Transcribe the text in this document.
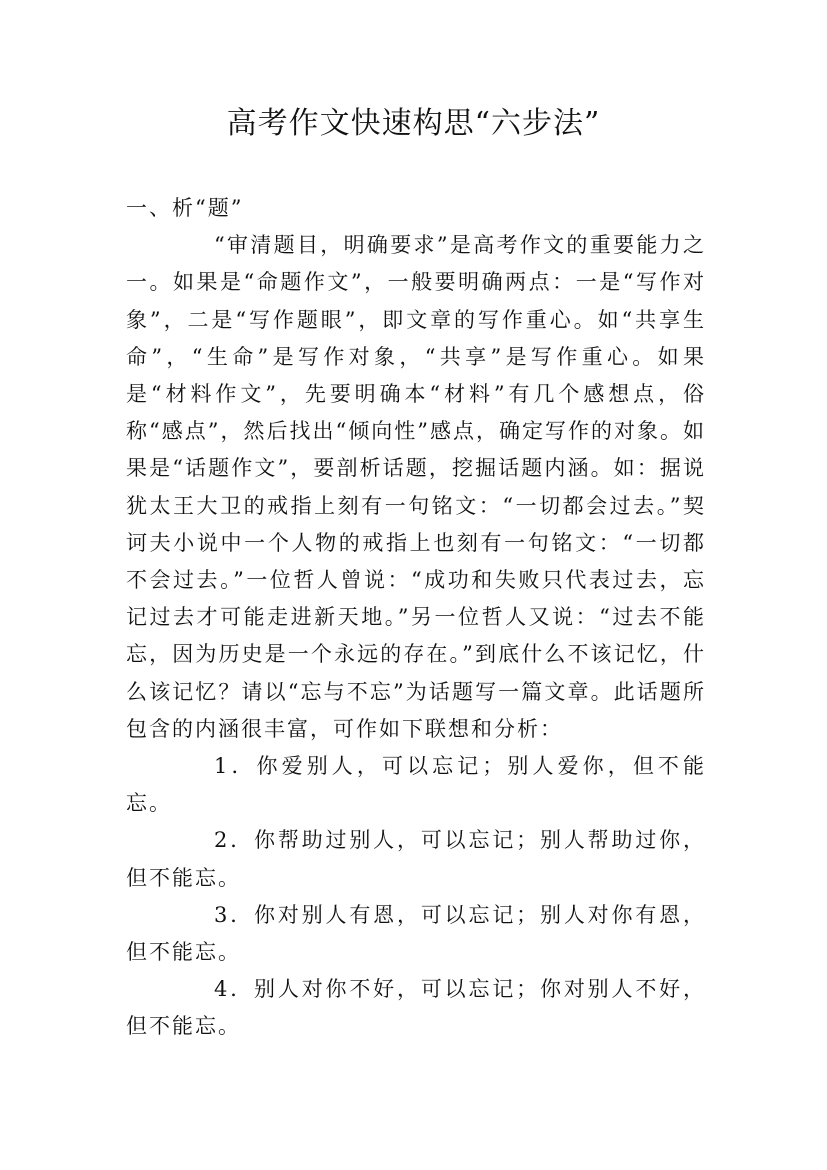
高考作文快速构思“六步法”

一、析“题”

“审清题目，明确要求”是高考作文的重要能力之一。如果是“命题作文”，一般要明确两点：一是“写作对象”，二是“写作题眼”，即文章的写作重心。如“共享生命”，“生命”是写作对象，“共享”是写作重心。如果是“材料作文”，先要明确本“材料”有几个感想点，俗称“感点”，然后找出“倾向性”感点，确定写作的对象。如果是“话题作文”，要剖析话题，挖掘话题内涵。如：据说犹太王大卫的戒指上刻有一句铭文：“一切都会过去。”契诃夫小说中一个人物的戒指上也刻有一句铭文：“一切都不会过去。”一位哲人曾说：“成功和失败只代表过去，忘记过去才可能走进新天地。”另一位哲人又说：“过去不能忘，因为历史是一个永远的存在。”到底什么不该记忆，什么该记忆？请以“忘与不忘”为话题写一篇文章。此话题所包含的内涵很丰富，可作如下联想和分析：

1．你爱别人，可以忘记；别人爱你，但不能忘。

2．你帮助过别人，可以忘记；别人帮助过你，但不能忘。

3．你对别人有恩，可以忘记；别人对你有恩，但不能忘。

4．别人对你不好，可以忘记；你对别人不好，但不能忘。
